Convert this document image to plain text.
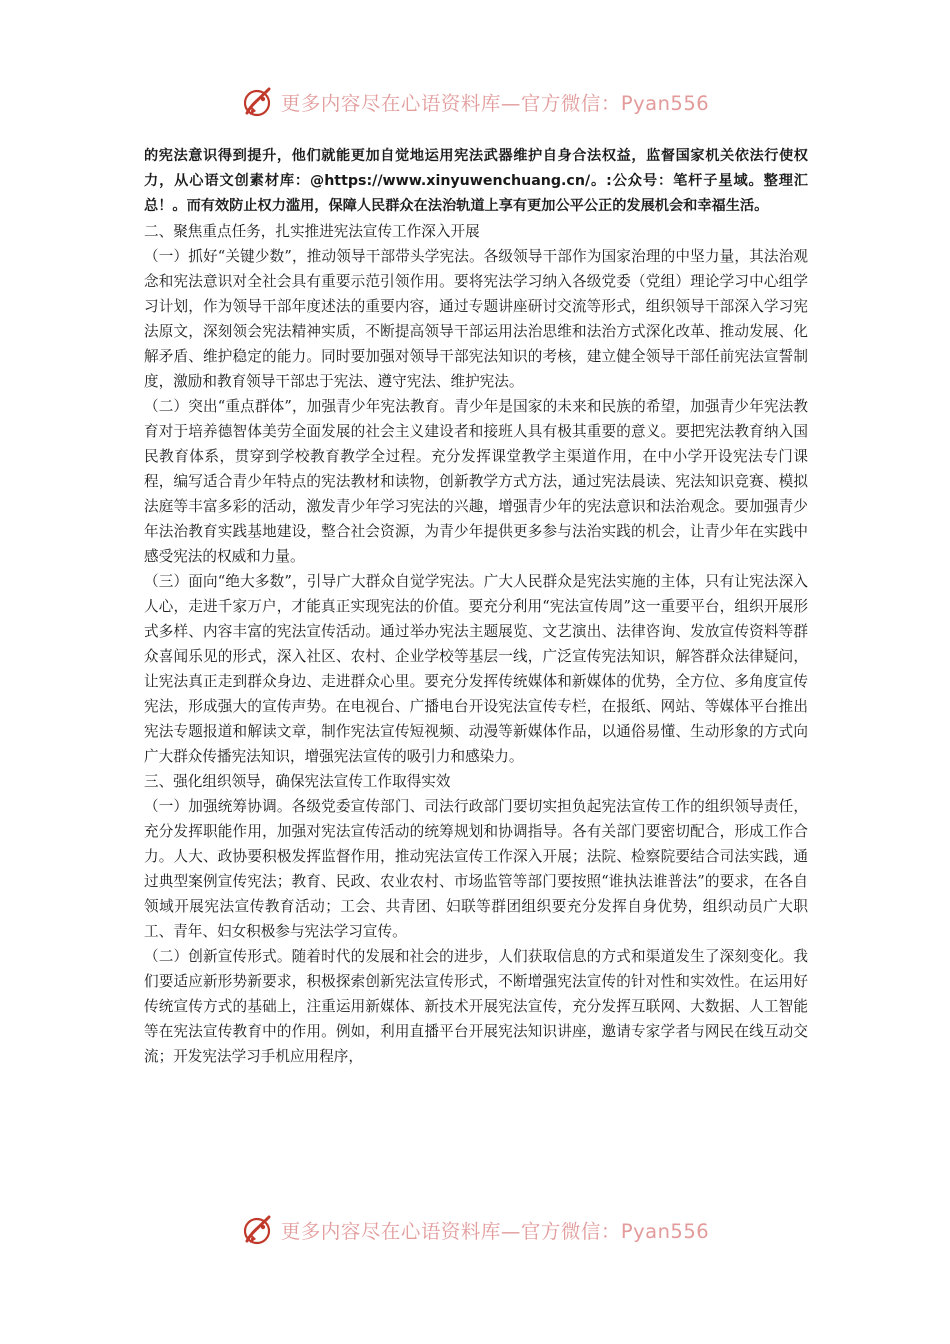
更多内容尽在心语资料库—官方微信：Pyan556

的宪法意识得到提升，他们就能更加自觉地运用宪法武器维护自身合法权益，监督国家机关依法行使权力，从心语文创素材库：@https://www.xinyuwenchuang.cn/。:公众号：笔杆子星域。整理汇总！。而有效防止权力滥用，保障人民群众在法治轨道上享有更加公平公正的发展机会和幸福生活。

二、聚焦重点任务，扎实推进宪法宣传工作深入开展

（一）抓好“关键少数”，推动领导干部带头学宪法。各级领导干部作为国家治理的中坚力量，其法治观念和宪法意识对全社会具有重要示范引领作用。要将宪法学习纳入各级党委（党组）理论学习中心组学习计划，作为领导干部年度述法的重要内容，通过专题讲座研讨交流等形式，组织领导干部深入学习宪法原文，深刻领会宪法精神实质，不断提高领导干部运用法治思维和法治方式深化改革、推动发展、化解矛盾、维护稳定的能力。同时要加强对领导干部宪法知识的考核，建立健全领导干部任前宪法宣誓制度，激励和教育领导干部忠于宪法、遵守宪法、维护宪法。

（二）突出“重点群体”，加强青少年宪法教育。青少年是国家的未来和民族的希望，加强青少年宪法教育对于培养德智体美劳全面发展的社会主义建设者和接班人具有极其重要的意义。要把宪法教育纳入国民教育体系，贯穿到学校教育教学全过程。充分发挥课堂教学主渠道作用，在中小学开设宪法专门课程，编写适合青少年特点的宪法教材和读物，创新教学方式方法，通过宪法晨读、宪法知识竞赛、模拟法庭等丰富多彩的活动，激发青少年学习宪法的兴趣，增强青少年的宪法意识和法治观念。要加强青少年法治教育实践基地建设，整合社会资源，为青少年提供更多参与法治实践的机会，让青少年在实践中感受宪法的权威和力量。

（三）面向“绝大多数”，引导广大群众自觉学宪法。广大人民群众是宪法实施的主体，只有让宪法深入人心，走进千家万户，才能真正实现宪法的价值。要充分利用“宪法宣传周”这一重要平台，组织开展形式多样、内容丰富的宪法宣传活动。通过举办宪法主题展览、文艺演出、法律咨询、发放宣传资料等群众喜闻乐见的形式，深入社区、农村、企业学校等基层一线，广泛宣传宪法知识，解答群众法律疑问，让宪法真正走到群众身边、走进群众心里。要充分发挥传统媒体和新媒体的优势，全方位、多角度宣传宪法，形成强大的宣传声势。在电视台、广播电台开设宪法宣传专栏，在报纸、网站、等媒体平台推出宪法专题报道和解读文章，制作宪法宣传短视频、动漫等新媒体作品，以通俗易懂、生动形象的方式向广大群众传播宪法知识，增强宪法宣传的吸引力和感染力。

三、强化组织领导，确保宪法宣传工作取得实效

（一）加强统筹协调。各级党委宣传部门、司法行政部门要切实担负起宪法宣传工作的组织领导责任，充分发挥职能作用，加强对宪法宣传活动的统筹规划和协调指导。各有关部门要密切配合，形成工作合力。人大、政协要积极发挥监督作用，推动宪法宣传工作深入开展；法院、检察院要结合司法实践，通过典型案例宣传宪法；教育、民政、农业农村、市场监管等部门要按照“谁执法谁普法”的要求，在各自领域开展宪法宣传教育活动；工会、共青团、妇联等群团组织要充分发挥自身优势，组织动员广大职工、青年、妇女积极参与宪法学习宣传。

（二）创新宣传形式。随着时代的发展和社会的进步，人们获取信息的方式和渠道发生了深刻变化。我们要适应新形势新要求，积极探索创新宪法宣传形式，不断增强宪法宣传的针对性和实效性。在运用好传统宣传方式的基础上，注重运用新媒体、新技术开展宪法宣传，充分发挥互联网、大数据、人工智能等在宪法宣传教育中的作用。例如，利用直播平台开展宪法知识讲座，邀请专家学者与网民在线互动交流；开发宪法学习手机应用程序，

更多内容尽在心语资料库—官方微信：Pyan556
